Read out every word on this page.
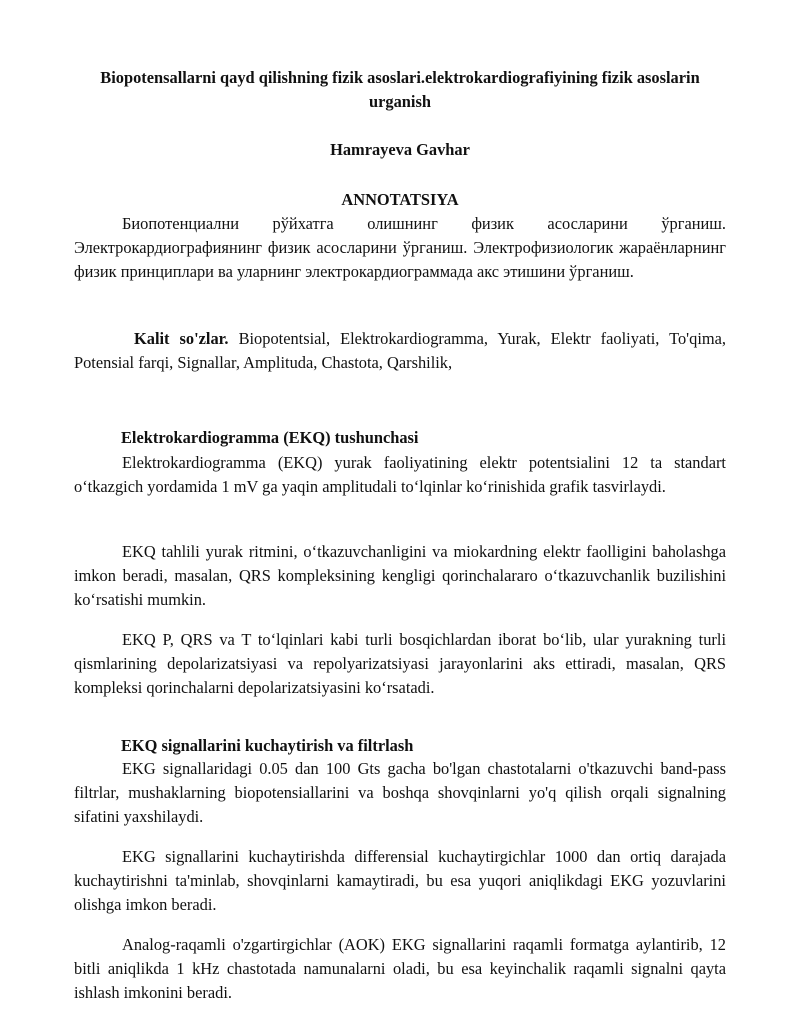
Biopotensallarni qayd qilishning fizik asoslari.elektrokardiografiyining fizik asoslarin urganish
Hamrayeva Gavhar
ANNOTATSIYA

Биопотенциални рўйхатга олишнинг физик асосларини ўрганиш. Электрокардиографиянинг физик асосларини ўрганиш. Электрофизиологик жараёнларнинг физик принциплари ва уларнинг электрокардиограммада акс этишини ўрганиш.

Kalit so'zlar. Biopotentsial, Elektrokardiogramma, Yurak, Elektr faoliyati, To'qima, Potensial farqi, Signallar, Amplituda, Chastota, Qarshilik,

Elektrokardiogramma (EKQ) tushunchasi

Elektrokardiogramma (EKQ) yurak faoliyatining elektr potentsialini 12 ta standart oʻtkazgich yordamida 1 mV ga yaqin amplitudali toʻlqinlar koʻrinishida grafik tasvirlaydi.

EKQ tahlili yurak ritmini, oʻtkazuvchanligini va miokardning elektr faolligini baholashga imkon beradi, masalan, QRS kompleksining kengligi qorinchalararo oʻtkazuvchanlik buzilishini koʻrsatishi mumkin.

EKQ P, QRS va T toʻlqinlari kabi turli bosqichlardan iborat boʻlib, ular yurakning turli qismlarining depolarizatsiyasi va repolyarizatsiyasi jarayonlarini aks ettiradi, masalan, QRS kompleksi qorinchalarni depolarizatsiyasini koʻrsatadi.

EKQ signallarini kuchaytirish va filtrlash

EKG signallaridagi 0.05 dan 100 Gts gacha bo'lgan chastotalarni o'tkazuvchi band-pass filtrlar, mushaklarning biopotensiallarini va boshqa shovqinlarni yo'q qilish orqali signalning sifatini yaxshilaydi.

EKG signallarini kuchaytirishda differensial kuchaytirgichlar 1000 dan ortiq darajada kuchaytirishni ta'minlab, shovqinlarni kamaytiradi, bu esa yuqori aniqlikdagi EKG yozuvlarini olishga imkon beradi.

Analog-raqamli o'zgartirgichlar (AOK) EKG signallarini raqamli formatga aylantirib, 12 bitli aniqlikda 1 kHz chastotada namunalarni oladi, bu esa keyinchalik raqamli signalni qayta ishlash imkonini beradi.
